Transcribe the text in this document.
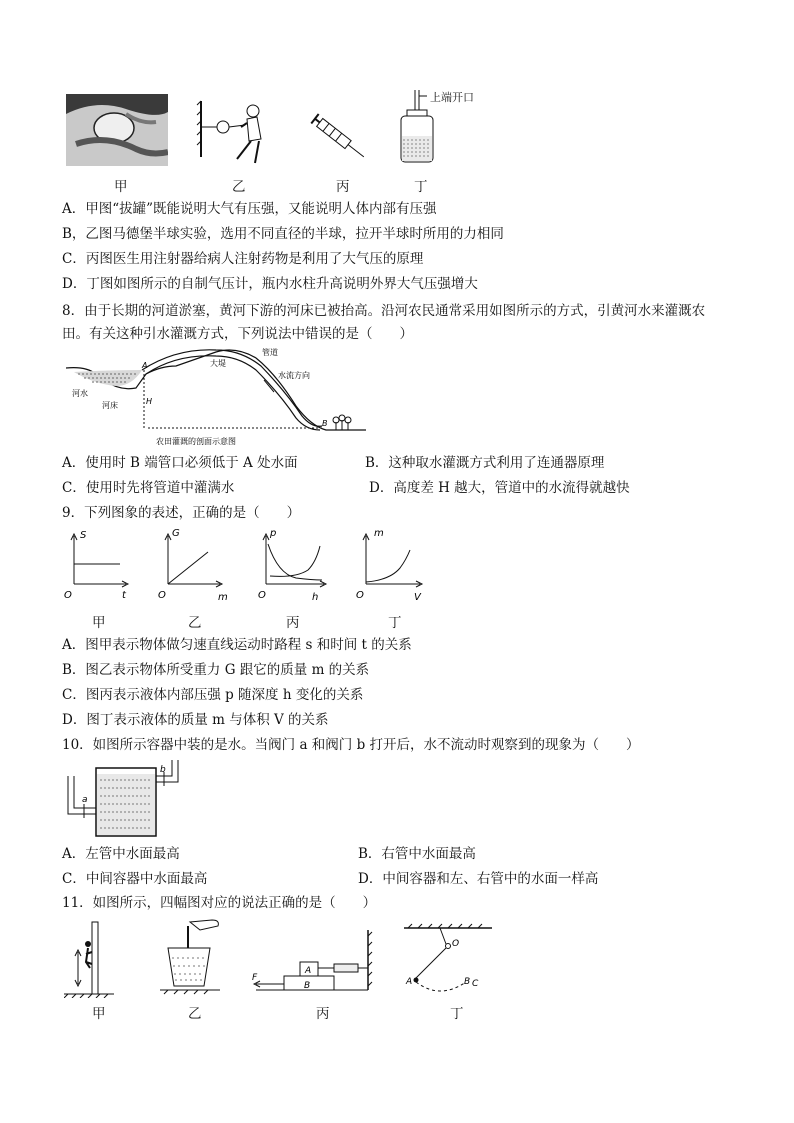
上端开口
甲	乙	丙	丁
A．甲图“拔罐”既能说明大气有压强，又能说明人体内部有压强
B，乙图马德堡半球实验，选用不同直径的半球，拉开半球时所用的力相同
C．丙图医生用注射器给病人注射药物是利用了大气压的原理
D．丁图如图所示的自制气压计，瓶内水柱升高说明外界大气压强增大
8．由于长期的河道淤塞，黄河下游的河床已被抬高。沿河农民通常采用如图所示的方式，引黄河水来灌溉农
田。有关这种引水灌溉方式，下列说法中错误的是（　　）
管道
大堤
水流方向
河水
河床
A
B
H
农田灌溉的剖面示意图
A．使用时 B 端管口必须低于 A 处水面	B．这种取水灌溉方式利用了连通器原理
C．使用时先将管道中灌满水	D．高度差 H 越大，管道中的水流得就越快
9．下列图象的表述，正确的是（　　）
S
t
O
G
m
O
p
h
O
m
V
O
甲	乙	丙	丁
A．图甲表示物体做匀速直线运动时路程 s 和时间 t 的关系
B．图乙表示物体所受重力 G 跟它的质量 m 的关系
C．图丙表示液体内部压强 p 随深度 h 变化的关系
D．图丁表示液体的质量 m 与体积 V 的关系
10．如图所示容器中装的是水。当阀门 a 和阀门 b 打开后，水不流动时观察到的现象为（　　）
a
b
A．左管中水面最高	B．右管中水面最高
C．中间容器中水面最高	D．中间容器和左、右管中的水面一样高
11．如图所示，四幅图对应的说法正确的是（　　）
F
A
B
O
A	B C
甲	乙	丙	丁
